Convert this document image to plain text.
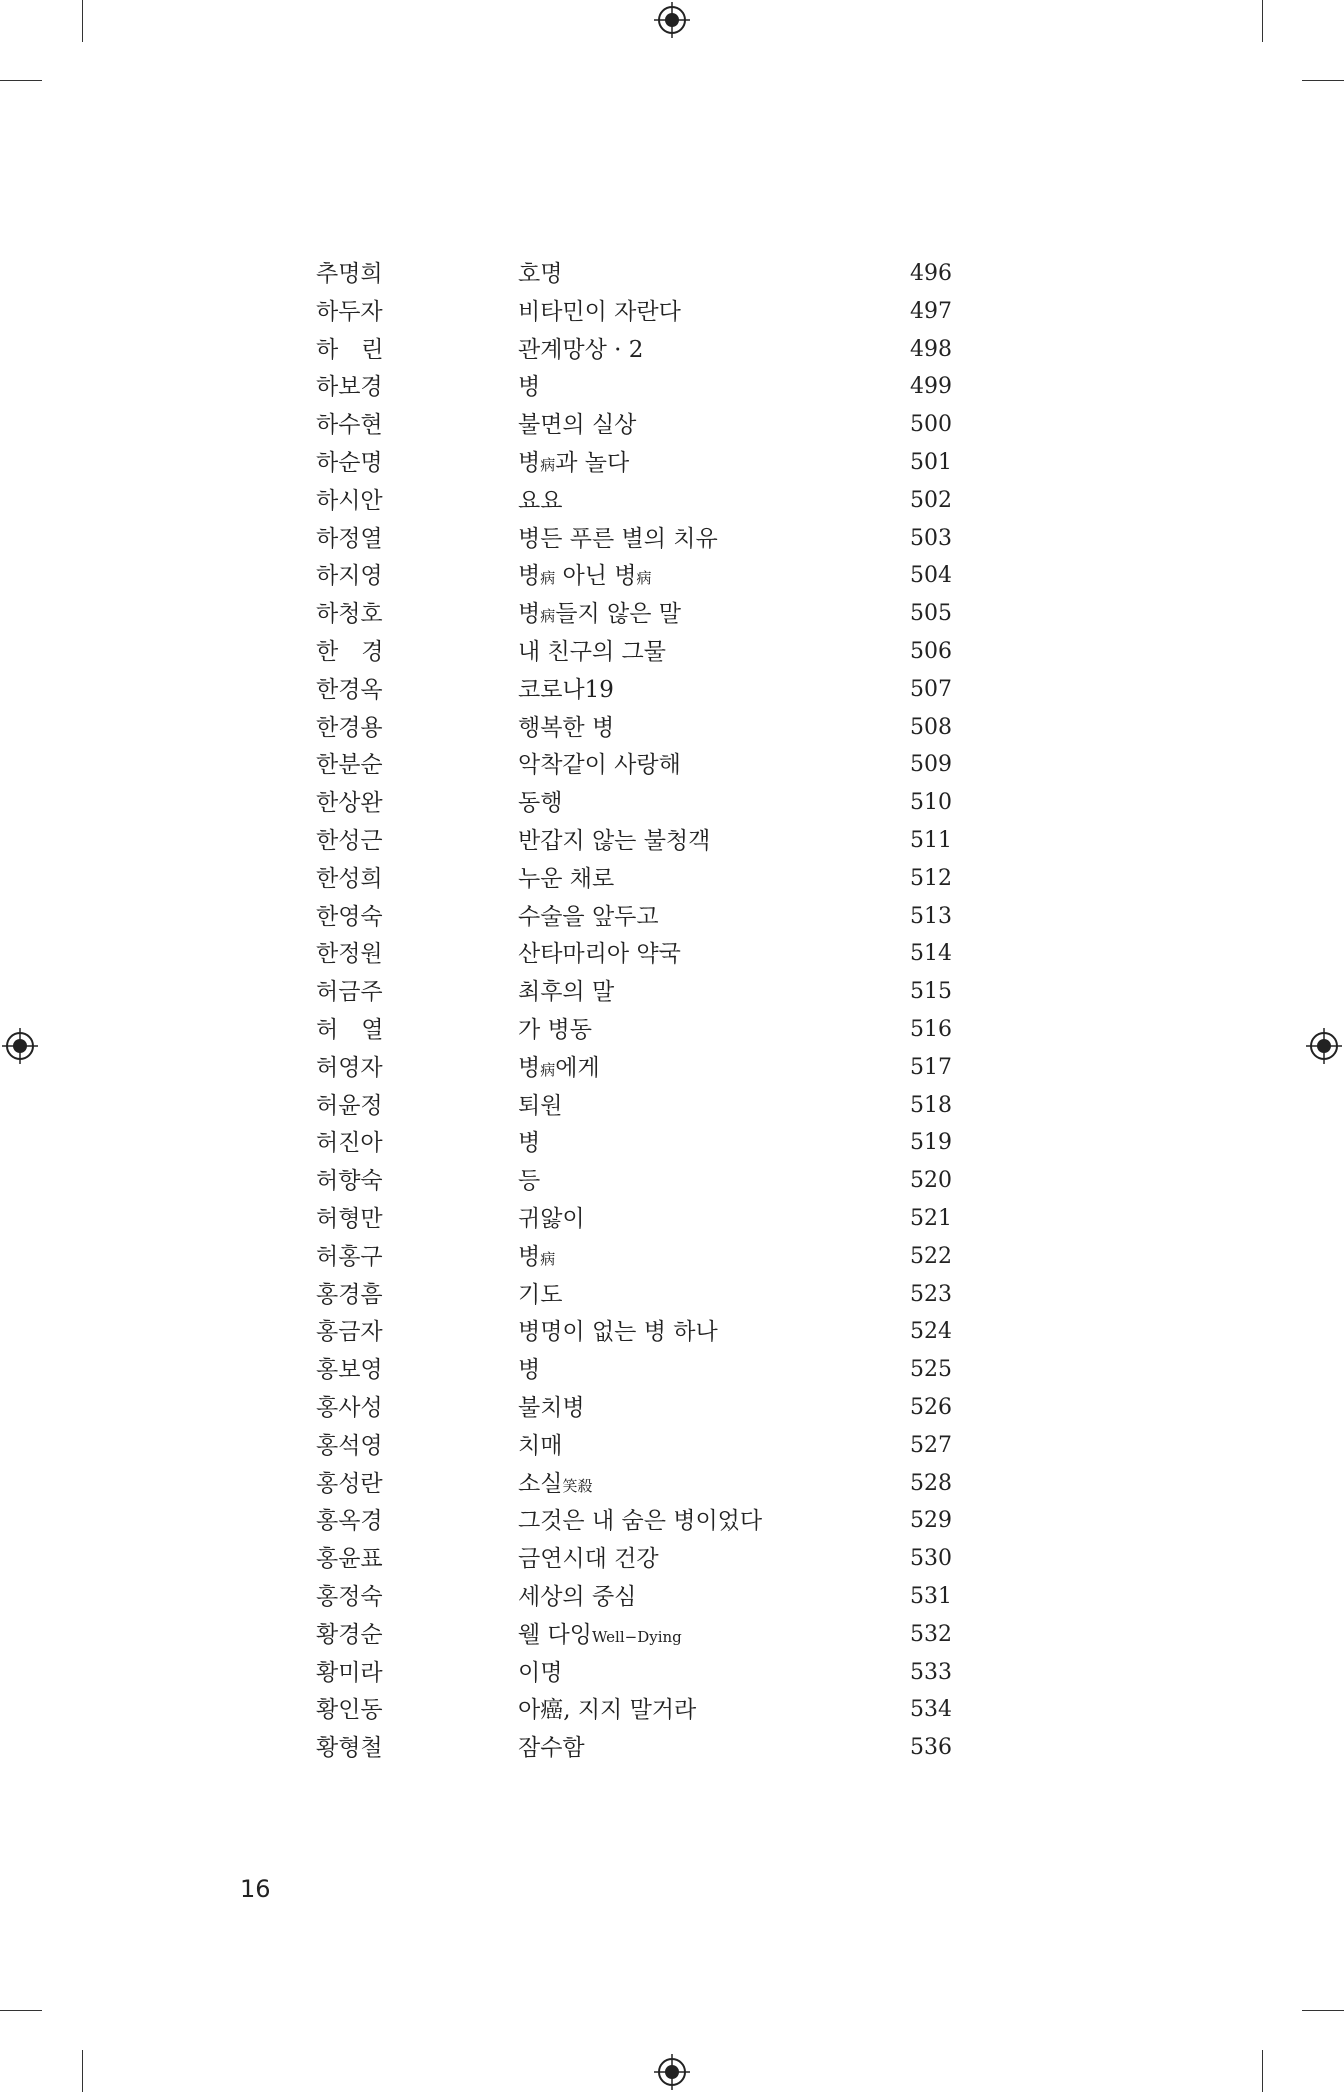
추명희	호명	496
하두자	비타민이 자란다	497
하　린	관계망상 · 2	498
하보경	병	499
하수현	불면의 실상	500
하순명	병病과 놀다	501
하시안	요요	502
하정열	병든 푸른 별의 치유	503
하지영	병病 아닌 병病	504
하청호	병病들지 않은 말	505
한　경	내 친구의 그물	506
한경옥	코로나19	507
한경용	행복한 병	508
한분순	악착같이 사랑해	509
한상완	동행	510
한성근	반갑지 않는 불청객	511
한성희	누운 채로	512
한영숙	수술을 앞두고	513
한정원	산타마리아 약국	514
허금주	최후의 말	515
허　열	가 병동	516
허영자	병病에게	517
허윤정	퇴원	518
허진아	병	519
허향숙	등	520
허형만	귀앓이	521
허홍구	병病	522
홍경흠	기도	523
홍금자	병명이 없는 병 하나	524
홍보영	병	525
홍사성	불치병	526
홍석영	치매	527
홍성란	소실笑殺	528
홍옥경	그것은 내 숨은 병이었다	529
홍윤표	금연시대 건강	530
홍정숙	세상의 중심	531
황경순	웰 다잉Well−Dying	532
황미라	이명	533
황인동	아癌, 지지 말거라	534
황형철	잠수함	536
16
